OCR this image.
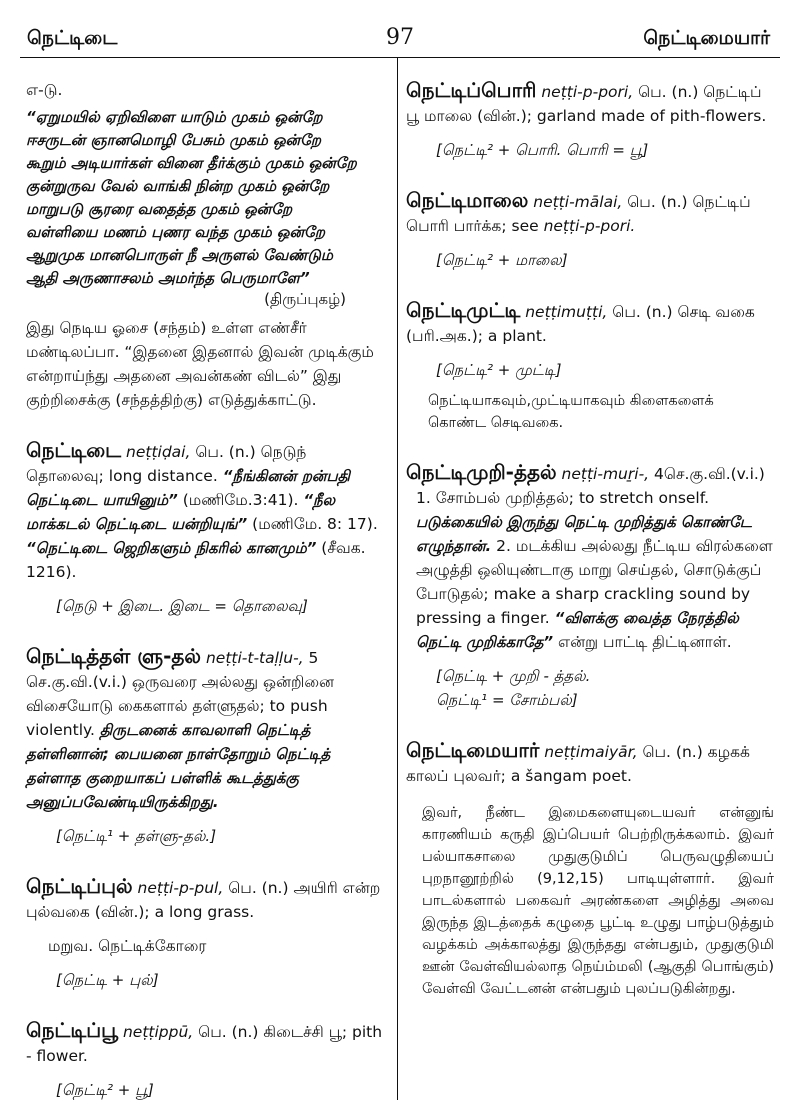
நெட்டிடை	97	நெட்டிமையார்

எ-டு.

“ஏறுமயில் ஏறிவிளை யாடும் முகம் ஒன்றே
ஈசருடன் ஞானமொழி பேசும் முகம் ஒன்றே
கூறும் அடியார்கள் வினை தீர்க்கும் முகம் ஒன்றே
குன்றுருவ வேல் வாங்கி நின்ற முகம் ஒன்றே
மாறுபடு சூரரை வதைத்த முகம் ஒன்றே
வள்ளியை மணம் புணர வந்த முகம் ஒன்றே
ஆறுமுக மானபொருள் நீ அருளல் வேண்டும்
ஆதி அருணாசலம் அமர்ந்த பெருமாளே”

(திருப்புகழ்)

இது நெடிய ஓசை (சந்தம்) உள்ள எண்சீர் மண்டிலப்பா. “இதனை இதனால் இவன் முடிக்கும் என்றாய்ந்து அதனை அவன்கண் விடல்” இது குற்றிசைக்கு (சந்தத்திற்கு) எடுத்துக்காட்டு.

நெட்டிடை neṭṭiḍai, பெ. (n.) நெடுந் தொலைவு; long distance. “நீங்கினன் றன்பதி நெட்டிடை யாயினும்” (மணிமே.3:41). “நீல மாக்கடல் நெட்டிடை யன்றியுங்” (மணிமே. 8: 17). “நெட்டிடை ஜெறிகளும் நிகரில் கானமும்” (சீவக. 1216).

[நெடு + இடை. இடை = தொலைவு]

நெட்டித்தள் ளு-தல் neṭṭi-t-taḷḷu-, 5 செ.கு.வி.(v.i.) ஒருவரை அல்லது ஒன்றினை விசையோடு கைகளால் தள்ளுதல்; to push violently. திருடனைக் காவலாளி நெட்டித் தள்ளினான்; பையனை நாள்தோறும் நெட்டித் தள்ளாத குறையாகப் பள்ளிக் கூடத்துக்கு அனுப்பவேண்டியிருக்கிறது.

[நெட்டி¹ + தள்ளு-தல்.]

நெட்டிப்புல் neṭṭi-p-pul, பெ. (n.) அயிரி என்ற புல்வகை (வின்.); a long grass.

மறுவ. நெட்டிக்கோரை

[நெட்டி + புல்]

நெட்டிப்பூ neṭṭippū, பெ. (n.) கிடைச்சி பூ; pith - flower.

[நெட்டி² + பூ]

நெட்டிப்பொரி neṭṭi-p-pori, பெ. (n.) நெட்டிப் பூ மாலை (வின்.); garland made of pith-flowers.

[நெட்டி² + பொரி. பொரி = பூ]

நெட்டிமாலை neṭṭi-mālai, பெ. (n.) நெட்டிப் பொரி பார்க்க; see neṭṭi-p-pori.

[நெட்டி² + மாலை]

நெட்டிமுட்டி neṭṭimuṭṭi, பெ. (n.) செடி வகை (பரி.அக.); a plant.

[நெட்டி² + முட்டி]

நெட்டியாகவும்,முட்டியாகவும் கிளைகளைக் கொண்ட செடிவகை.

நெட்டிமுறி-த்தல் neṭṭi-muṟi-, 4செ.கு.வி.(v.i.)

1. சோம்பல் முறித்தல்; to stretch onself. படுக்கையில் இருந்து நெட்டி முறித்துக் கொண்டே எழுந்தான். 2. மடக்கிய அல்லது நீட்டிய விரல்களை அழுத்தி ஒலியுண்டாகு மாறு செய்தல், சொடுக்குப் போடுதல்; make a sharp crackling sound by pressing a finger. “விளக்கு வைத்த நேரத்தில் நெட்டி முறிக்காதே” என்று பாட்டி திட்டினாள்.

[நெட்டி + முறி - த்தல்.
நெட்டி¹ = சோம்பல்]

நெட்டிமையார் neṭṭimaiyār, பெ. (n.) கழகக் காலப் புலவர்; a šangam poet.

இவர், நீண்ட இமைகளையுடையவர் என்னுங் காரணியம் கருதி இப்பெயர் பெற்றிருக்கலாம். இவர் பல்யாகசாலை முதுகுடுமிப் பெருவழுதியைப் புறநானூற்றில் (9,12,15) பாடியுள்ளார். இவர் பாடல்களால் பகைவர் அரண்களை அழித்து அவை இருந்த இடத்தைக் கழுதை பூட்டி உழுது பாழ்படுத்தும் வழக்கம் அக்காலத்து இருந்தது என்பதும், முதுகுடுமி ஊன் வேள்வியல்லாத நெய்ம்மலி (ஆகுதி பொங்கும்) வேள்வி வேட்டனன் என்பதும் புலப்படுகின்றது.
